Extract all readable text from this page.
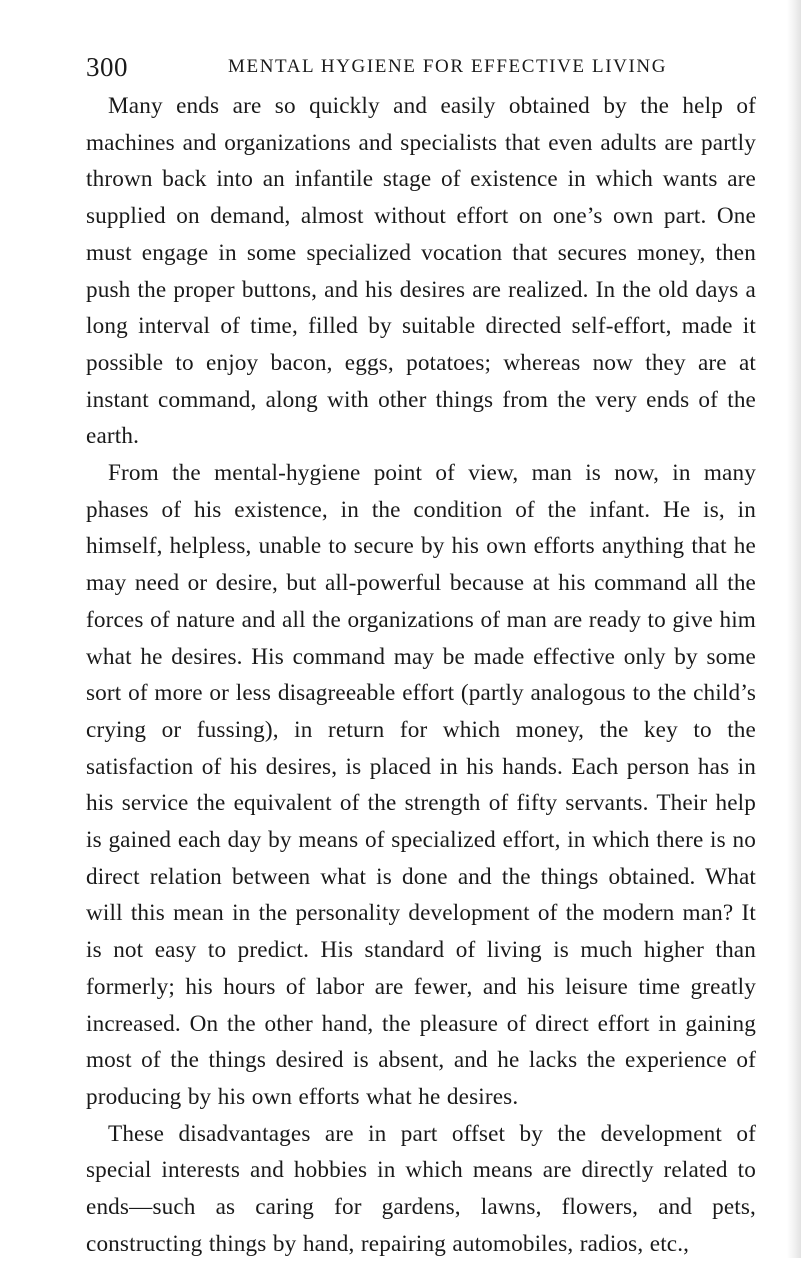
300	MENTAL HYGIENE FOR EFFECTIVE LIVING

Many ends are so quickly and easily obtained by the help of machines and organizations and specialists that even adults are partly thrown back into an infantile stage of existence in which wants are supplied on demand, almost without effort on one’s own part. One must engage in some specialized vocation that secures money, then push the proper buttons, and his desires are realized. In the old days a long interval of time, filled by suitable directed self-effort, made it possible to enjoy bacon, eggs, potatoes; whereas now they are at instant command, along with other things from the very ends of the earth.

From the mental-hygiene point of view, man is now, in many phases of his existence, in the condition of the infant. He is, in himself, helpless, unable to secure by his own efforts anything that he may need or desire, but all-powerful because at his command all the forces of nature and all the organizations of man are ready to give him what he desires. His command may be made effective only by some sort of more or less disagreeable effort (partly analogous to the child’s crying or fussing), in return for which money, the key to the satisfaction of his desires, is placed in his hands. Each person has in his service the equivalent of the strength of fifty servants. Their help is gained each day by means of specialized effort, in which there is no direct relation between what is done and the things obtained. What will this mean in the personality development of the modern man? It is not easy to predict. His standard of living is much higher than formerly; his hours of labor are fewer, and his leisure time greatly increased. On the other hand, the pleasure of direct effort in gaining most of the things desired is absent, and he lacks the experience of producing by his own efforts what he desires.

These disadvantages are in part offset by the development of special interests and hobbies in which means are directly related to ends—such as caring for gardens, lawns, flowers, and pets, constructing things by hand, repairing automobiles, radios, etc.,
